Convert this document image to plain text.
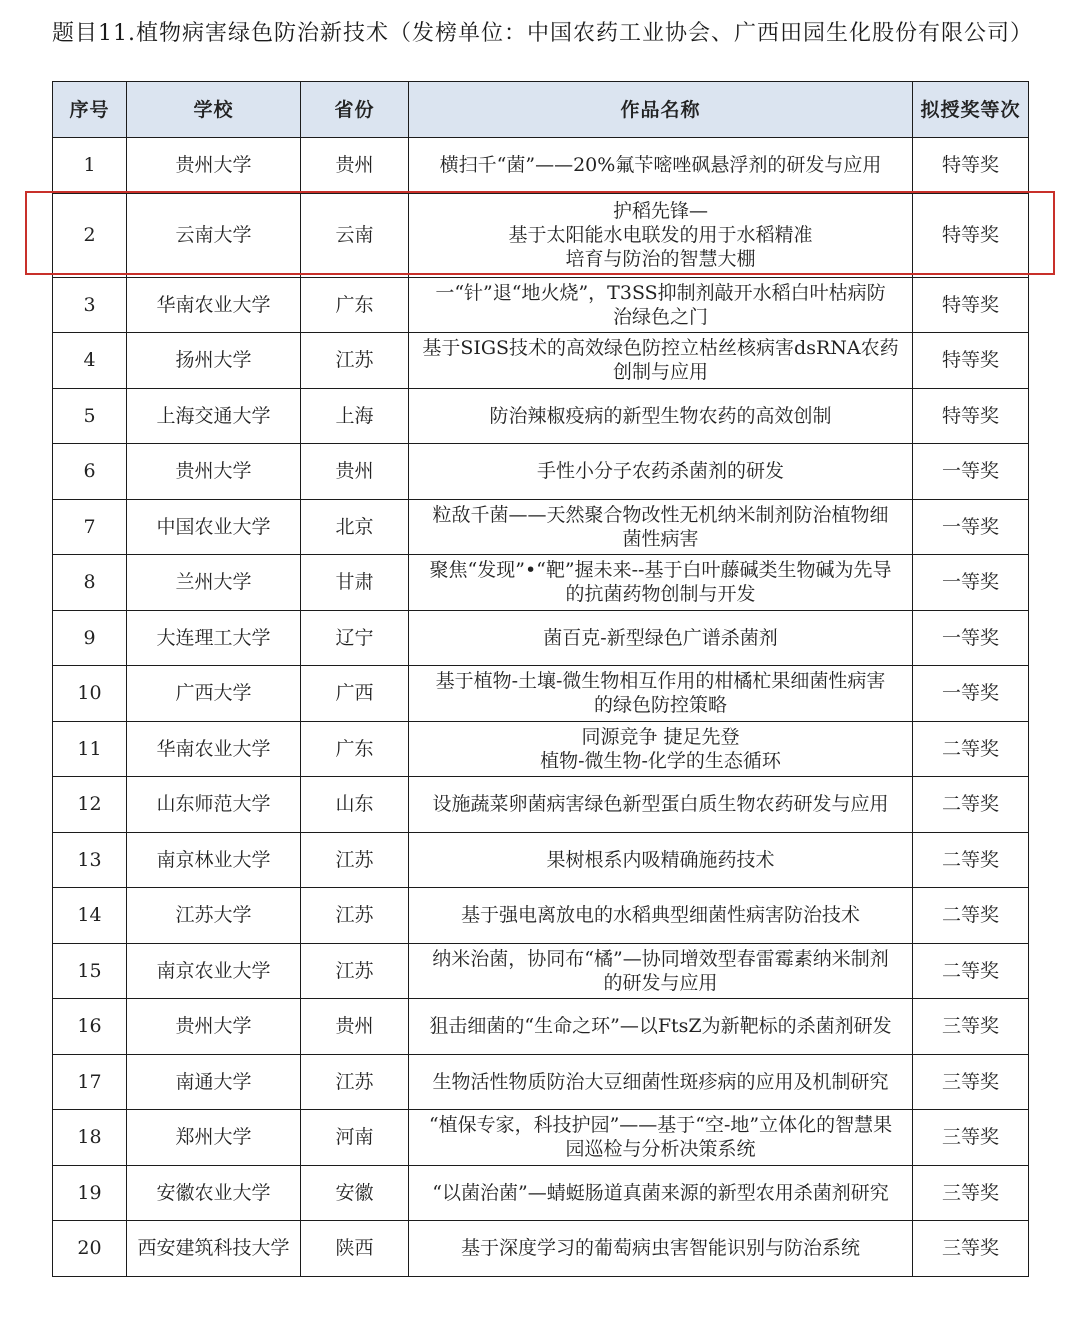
题目11.植物病害绿色防治新技术（发榜单位：中国农药工业协会、广西田园生化股份有限公司）
序号	学校	省份	作品名称	拟授奖等次
1	贵州大学	贵州	横扫千“菌”——20%氟苄嘧唑砜悬浮剂的研发与应用	特等奖
2	云南大学	云南	护稻先锋—
基于太阳能水电联发的用于水稻精准
培育与防治的智慧大棚	特等奖
3	华南农业大学	广东	一“针”退“地火烧”，T3SS抑制剂敲开水稻白叶枯病防
治绿色之门	特等奖
4	扬州大学	江苏	基于SIGS技术的高效绿色防控立枯丝核病害dsRNA农药
创制与应用	特等奖
5	上海交通大学	上海	防治辣椒疫病的新型生物农药的高效创制	特等奖
6	贵州大学	贵州	手性小分子农药杀菌剂的研发	一等奖
7	中国农业大学	北京	粒敌千菌——天然聚合物改性无机纳米制剂防治植物细
菌性病害	一等奖
8	兰州大学	甘肃	聚焦“发现”•“靶”握未来--基于白叶藤碱类生物碱为先导
的抗菌药物创制与开发	一等奖
9	大连理工大学	辽宁	菌百克-新型绿色广谱杀菌剂	一等奖
10	广西大学	广西	基于植物-土壤-微生物相互作用的柑橘杧果细菌性病害
的绿色防控策略	一等奖
11	华南农业大学	广东	同源竞争 捷足先登
植物-微生物-化学的生态循环	二等奖
12	山东师范大学	山东	设施蔬菜卵菌病害绿色新型蛋白质生物农药研发与应用	二等奖
13	南京林业大学	江苏	果树根系内吸精确施药技术	二等奖
14	江苏大学	江苏	基于强电离放电的水稻典型细菌性病害防治技术	二等奖
15	南京农业大学	江苏	纳米治菌，协同布“橘”—协同增效型春雷霉素纳米制剂
的研发与应用	二等奖
16	贵州大学	贵州	狙击细菌的“生命之环”—以FtsZ为新靶标的杀菌剂研发	三等奖
17	南通大学	江苏	生物活性物质防治大豆细菌性斑疹病的应用及机制研究	三等奖
18	郑州大学	河南	“植保专家，科技护园”——基于“空-地”立体化的智慧果
园巡检与分析决策系统	三等奖
19	安徽农业大学	安徽	“以菌治菌”—蜻蜓肠道真菌来源的新型农用杀菌剂研究	三等奖
20	西安建筑科技大学	陕西	基于深度学习的葡萄病虫害智能识别与防治系统	三等奖
